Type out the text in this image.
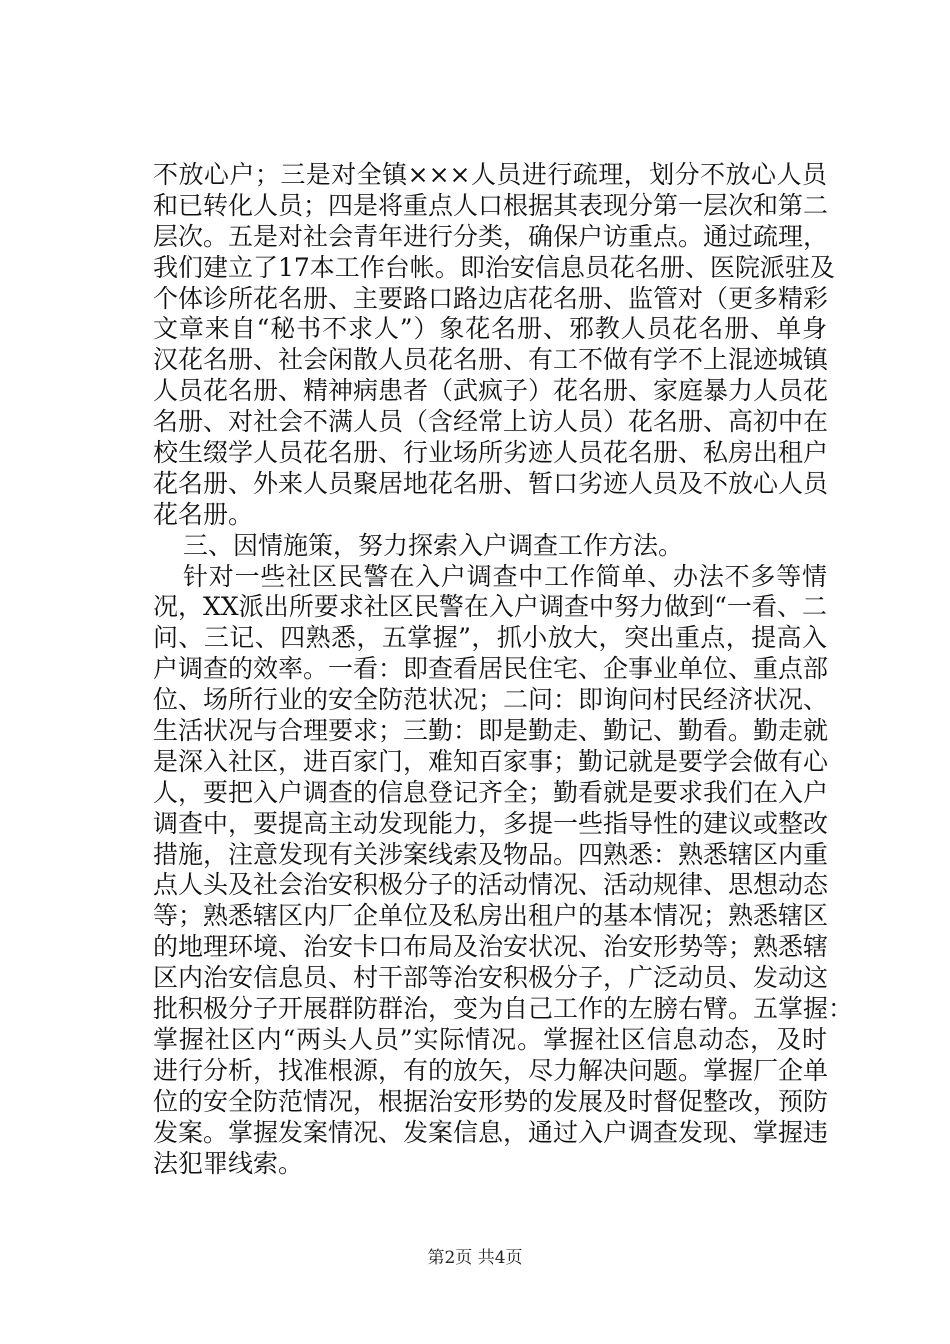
不放心户；三是对全镇×××人员进行疏理，划分不放心人员
和已转化人员；四是将重点人口根据其表现分第一层次和第二
层次。五是对社会青年进行分类，确保户访重点。通过疏理，
我们建立了17本工作台帐。即治安信息员花名册、医院派驻及
个体诊所花名册、主要路口路边店花名册、监管对（更多精彩
文章来自“秘书不求人”）象花名册、邪教人员花名册、单身
汉花名册、社会闲散人员花名册、有工不做有学不上混迹城镇
人员花名册、精神病患者（武疯子）花名册、家庭暴力人员花
名册、对社会不满人员（含经常上访人员）花名册、高初中在
校生缀学人员花名册、行业场所劣迹人员花名册、私房出租户
花名册、外来人员聚居地花名册、暂口劣迹人员及不放心人员
花名册。
三、因情施策，努力探索入户调查工作方法。
针对一些社区民警在入户调查中工作简单、办法不多等情
况，XX派出所要求社区民警在入户调查中努力做到“一看、二
问、三记、四熟悉，五掌握”，抓小放大，突出重点，提高入
户调查的效率。一看：即查看居民住宅、企事业单位、重点部
位、场所行业的安全防范状况；二问：即询问村民经济状况、
生活状况与合理要求；三勤：即是勤走、勤记、勤看。勤走就
是深入社区，进百家门，难知百家事；勤记就是要学会做有心
人，要把入户调查的信息登记齐全；勤看就是要求我们在入户
调查中，要提高主动发现能力，多提一些指导性的建议或整改
措施，注意发现有关涉案线索及物品。四熟悉：熟悉辖区内重
点人头及社会治安积极分子的活动情况、活动规律、思想动态
等；熟悉辖区内厂企单位及私房出租户的基本情况；熟悉辖区
的地理环境、治安卡口布局及治安状况、治安形势等；熟悉辖
区内治安信息员、村干部等治安积极分子，广泛动员、发动这
批积极分子开展群防群治，变为自己工作的左膀右臂。五掌握：
掌握社区内“两头人员”实际情况。掌握社区信息动态，及时
进行分析，找准根源，有的放矢，尽力解决问题。掌握厂企单
位的安全防范情况，根据治安形势的发展及时督促整改，预防
发案。掌握发案情况、发案信息，通过入户调查发现、掌握违
法犯罪线索。
第2页 共4页
